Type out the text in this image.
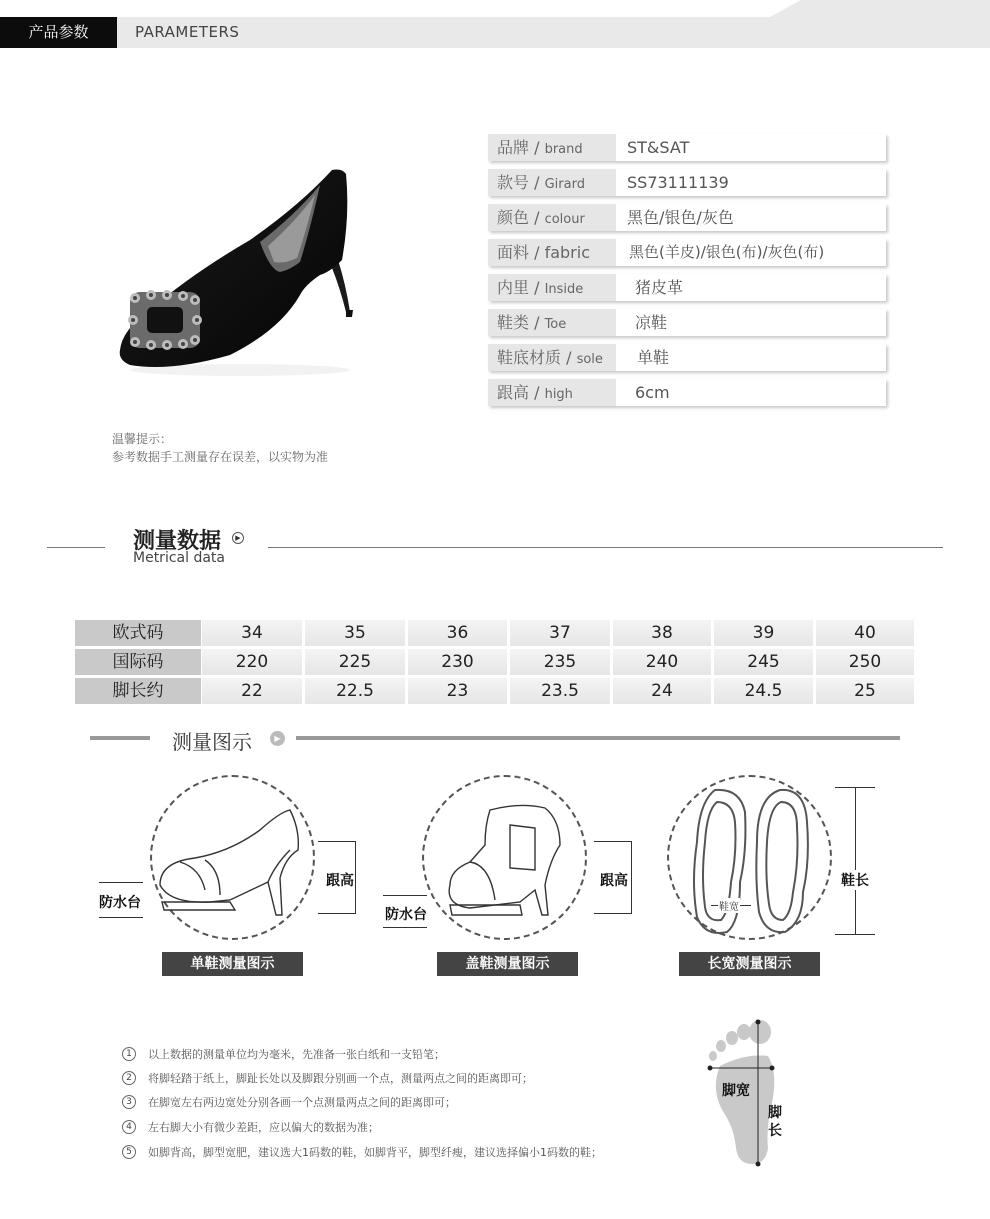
产品参数	PARAMETERS
品牌 / brand	ST&SAT
款号 / Girard	SS73111139
颜色 / colour	黑色/银色/灰色
面料 / fabric	黑色(羊皮)/银色(布)/灰色(布)
内里 / Inside	猪皮革
鞋类 / Toe	凉鞋
鞋底材质 / sole	单鞋
跟高 / high	6cm
温馨提示：
参考数据手工测量存在误差，以实物为准
测量数据	▶
Metrical data
欧式码	34	35	36	37	38	39	40
国际码	220	225	230	235	240	245	250
脚长约	22	22.5	23	23.5	24	24.5	25
测量图示	▶
防水台
跟高
单鞋测量图示
防水台
跟高
盖鞋测量图示
鞋宽
鞋长
长宽测量图示
1	以上数据的测量单位均为毫米，先准备一张白纸和一支铅笔；
2	将脚轻踏于纸上，脚趾长处以及脚跟分别画一个点，测量两点之间的距离即可；
3	在脚宽左右两边宽处分别各画一个点测量两点之间的距离即可；
4	左右脚大小有微少差距，应以偏大的数据为准；
5	如脚背高，脚型宽肥，建议选大1码数的鞋，如脚背平，脚型纤瘦，建议选择偏小1码数的鞋；
脚宽
脚
长
